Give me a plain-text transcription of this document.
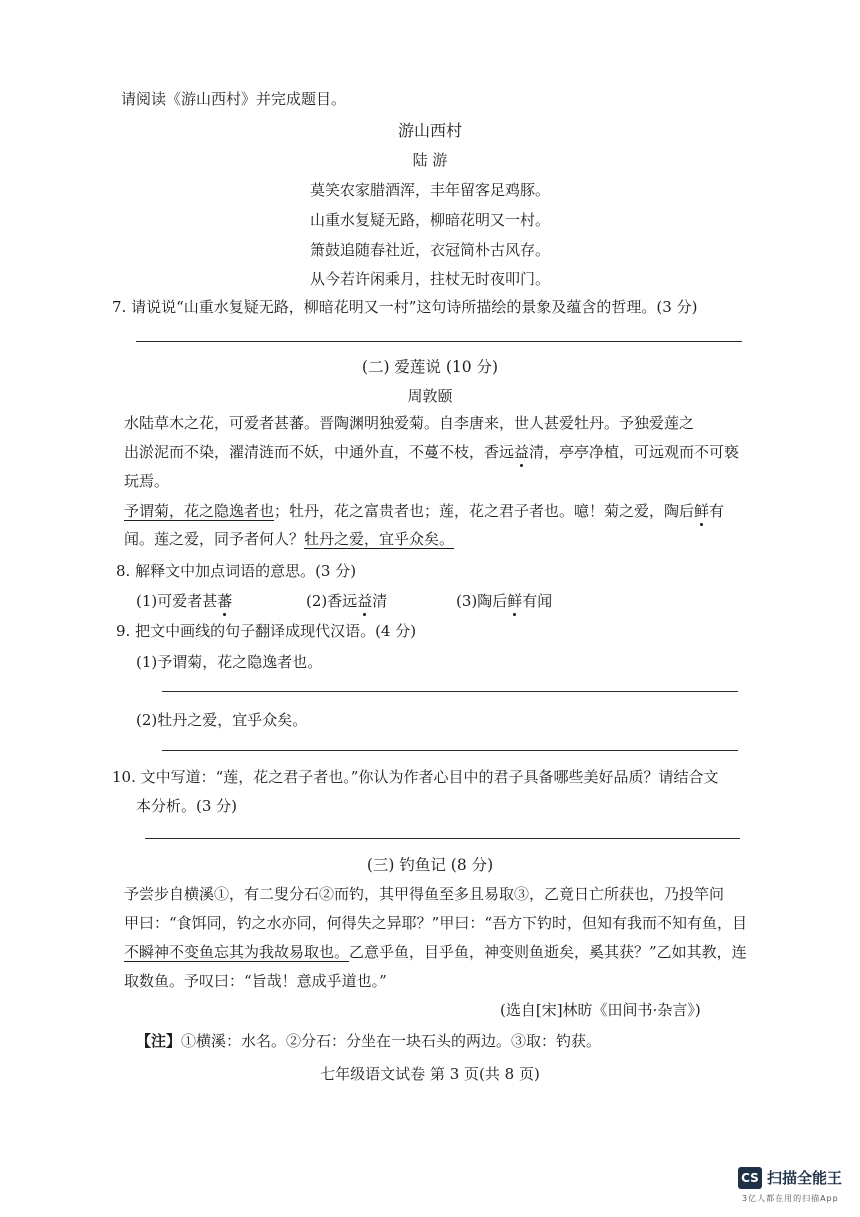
请阅读《游山西村》并完成题目。
游山西村
陆 游
莫笑农家腊酒浑，丰年留客足鸡豚。
山重水复疑无路，柳暗花明又一村。
箫鼓追随春社近，衣冠简朴古风存。
从今若许闲乘月，拄杖无时夜叩门。
7. 请说说“山重水复疑无路，柳暗花明又一村”这句诗所描绘的景象及蕴含的哲理。(3 分)
(二) 爱莲说 (10 分)
周敦颐
水陆草木之花，可爱者甚蕃。晋陶渊明独爱菊。自李唐来，世人甚爱牡丹。予独爱莲之
出淤泥而不染，濯清涟而不妖，中通外直，不蔓不枝，香远益清，亭亭净植，可远观而不可亵
玩焉。
予谓菊，花之隐逸者也；牡丹，花之富贵者也；莲，花之君子者也。噫！菊之爱，陶后鲜有
闻。莲之爱，同予者何人？牡丹之爱，宜乎众矣。
8. 解释文中加点词语的意思。(3 分)
(1)可爱者甚蕃	(2)香远益清	(3)陶后鲜有闻
9. 把文中画线的句子翻译成现代汉语。(4 分)
(1)予谓菊，花之隐逸者也。
(2)牡丹之爱，宜乎众矣。
10. 文中写道：“莲，花之君子者也。”你认为作者心目中的君子具备哪些美好品质？请结合文
本分析。(3 分)
(三) 钓鱼记 (8 分)
予尝步自横溪①，有二叟分石②而钓，其甲得鱼至多且易取③，乙竟日亡所获也，乃投竿问
甲曰：“食饵同，钓之水亦同，何得失之异耶？”甲曰：“吾方下钓时，但知有我而不知有鱼，目
不瞬神不变鱼忘其为我故易取也。乙意乎鱼，目乎鱼，神变则鱼逝矣，奚其获？”乙如其教，连
取数鱼。予叹曰：“旨哉！意成乎道也。”
(选自[宋]林昉《田间书·杂言》)
【注】①横溪：水名。②分石：分坐在一块石头的两边。③取：钓获。
七年级语文试卷 第 3 页(共 8 页)
CS 扫描全能王
3亿人都在用的扫描App
